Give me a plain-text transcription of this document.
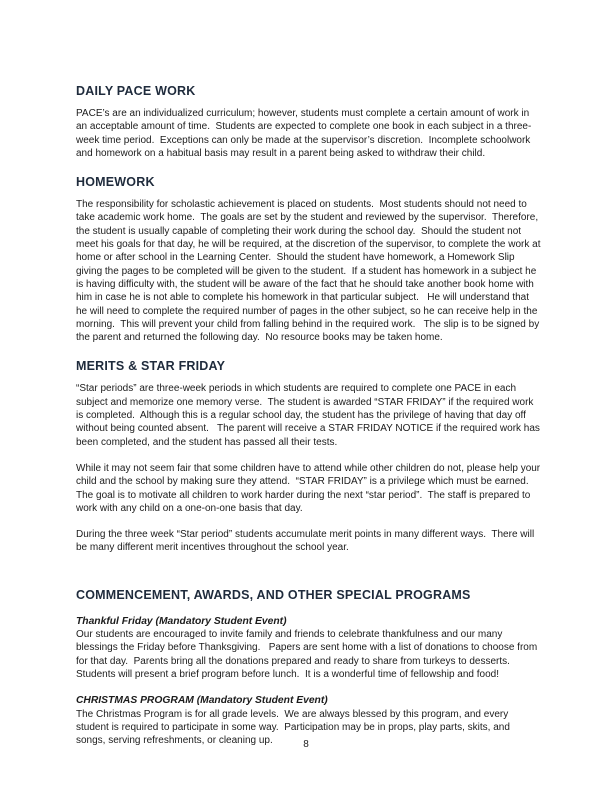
DAILY PACE WORK

PACE’s are an individualized curriculum; however, students must complete a certain amount of work in an acceptable amount of time.  Students are expected to complete one book in each subject in a three-week time period.  Exceptions can only be made at the supervisor’s discretion.  Incomplete schoolwork and homework on a habitual basis may result in a parent being asked to withdraw their child.

HOMEWORK

The responsibility for scholastic achievement is placed on students.  Most students should not need to take academic work home.  The goals are set by the student and reviewed by the supervisor.  Therefore, the student is usually capable of completing their work during the school day.  Should the student not meet his goals for that day, he will be required, at the discretion of the supervisor, to complete the work at home or after school in the Learning Center.  Should the student have homework, a Homework Slip giving the pages to be completed will be given to the student.  If a student has homework in a subject he is having difficulty with, the student will be aware of the fact that he should take another book home with him in case he is not able to complete his homework in that particular subject.   He will understand that he will need to complete the required number of pages in the other subject, so he can receive help in the morning.  This will prevent your child from falling behind in the required work.   The slip is to be signed by the parent and returned the following day.  No resource books may be taken home.

MERITS & STAR FRIDAY

“Star periods” are three-week periods in which students are required to complete one PACE in each subject and memorize one memory verse.  The student is awarded “STAR FRIDAY” if the required work is completed.  Although this is a regular school day, the student has the privilege of having that day off without being counted absent.   The parent will receive a STAR FRIDAY NOTICE if the required work has been completed, and the student has passed all their tests.

While it may not seem fair that some children have to attend while other children do not, please help your child and the school by making sure they attend.  “STAR FRIDAY” is a privilege which must be earned.  The goal is to motivate all children to work harder during the next “star period”.  The staff is prepared to work with any child on a one-on-one basis that day.

During the three week “Star period” students accumulate merit points in many different ways.  There will be many different merit incentives throughout the school year.

COMMENCEMENT, AWARDS, AND OTHER SPECIAL PROGRAMS
Thankful Friday (Mandatory Student Event)

Our students are encouraged to invite family and friends to celebrate thankfulness and our many blessings the Friday before Thanksgiving.   Papers are sent home with a list of donations to choose from for that day.  Parents bring all the donations prepared and ready to share from turkeys to desserts.  Students will present a brief program before lunch.  It is a wonderful time of fellowship and food!

CHRISTMAS PROGRAM (Mandatory Student Event)

The Christmas Program is for all grade levels.  We are always blessed by this program, and every student is required to participate in some way.  Participation may be in props, play parts, skits, and songs, serving refreshments, or cleaning up.	8
